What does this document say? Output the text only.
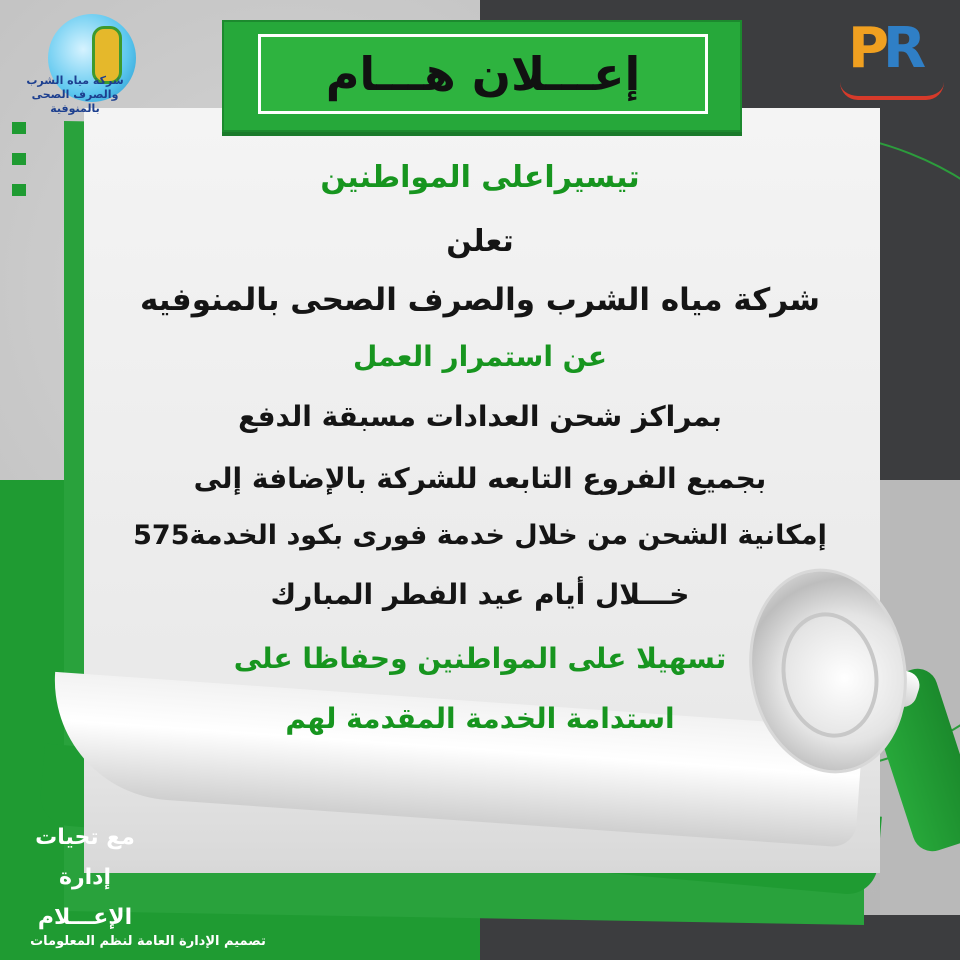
إعـــلان هـــام
شركة مياه الشرب والصرف الصحى بالمنوفية
PR
تيسيراعلى المواطنين
تعلن
شركة مياه الشرب والصرف الصحى بالمنوفيه
عن استمرار العمل
بمراكز شحن العدادات مسبقة الدفع
بجميع الفروع التابعه للشركة بالإضافة إلى
إمكانية الشحن من خلال خدمة فورى بكود الخدمة575
خـــلال أيام عيد الفطر المبارك
تسهيلا على المواطنين وحفاظا على
استدامة الخدمة المقدمة لهم
مع تحيات
إدارة الإعـــلام
تصميم الإدارة العامة لنظم المعلومات
